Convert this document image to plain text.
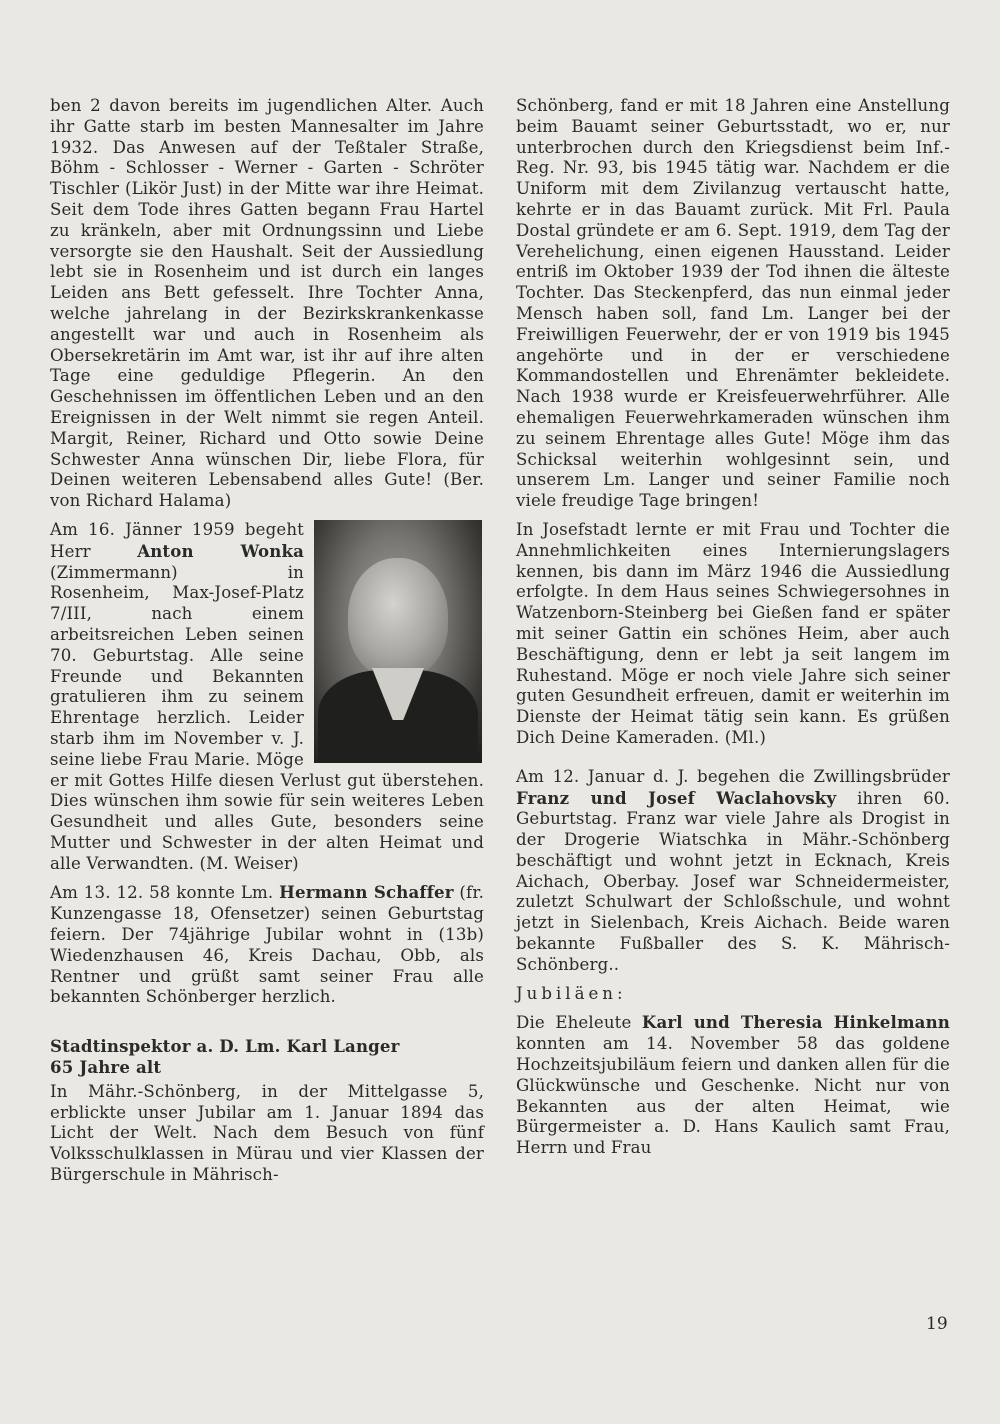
ben 2 davon bereits im jugendlichen Alter. Auch ihr Gatte starb im besten Mannesalter im Jahre 1932. Das Anwesen auf der Teßtaler Straße, Böhm - Schlosser - Werner - Garten - Schröter Tischler (Likör Just) in der Mitte war ihre Heimat. Seit dem Tode ihres Gatten begann Frau Hartel zu kränkeln, aber mit Ordnungssinn und Liebe versorgte sie den Haushalt. Seit der Aussiedlung lebt sie in Rosenheim und ist durch ein langes Leiden ans Bett gefesselt. Ihre Tochter Anna, welche jahrelang in der Bezirkskrankenkasse angestellt war und auch in Rosenheim als Obersekretärin im Amt war, ist ihr auf ihre alten Tage eine geduldige Pflegerin. An den Geschehnissen im öffentlichen Leben und an den Ereignissen in der Welt nimmt sie regen Anteil. Margit, Reiner, Richard und Otto sowie Deine Schwester Anna wünschen Dir, liebe Flora, für Deinen weiteren Lebensabend alles Gute! (Ber. von Richard Halama)

Am 16. Jänner 1959 begeht Herr Anton Wonka (Zimmermann) in Rosenheim, Max-Josef-Platz 7/III, nach einem arbeitsreichen Leben seinen 70. Geburtstag. Alle seine Freunde und Bekannten gratulieren ihm zu seinem Ehrentage herzlich. Leider starb ihm im November v. J. seine liebe Frau Marie. Möge er mit Gottes Hilfe diesen Verlust gut überstehen. Dies wünschen ihm sowie für sein weiteres Leben Gesundheit und alles Gute, besonders seine Mutter und Schwester in der alten Heimat und alle Verwandten. (M. Weiser)

Am 13. 12. 58 konnte Lm. Hermann Schaffer (fr. Kunzengasse 18, Ofensetzer) seinen Geburtstag feiern. Der 74jährige Jubilar wohnt in (13b) Wiedenzhausen 46, Kreis Dachau, Obb, als Rentner und grüßt samt seiner Frau alle bekannten Schönberger herzlich.

Stadtinspektor a. D. Lm. Karl Langer
65 Jahre alt

In Mähr.-Schönberg, in der Mittelgasse 5, erblickte unser Jubilar am 1. Januar 1894 das Licht der Welt. Nach dem Besuch von fünf Volksschulklassen in Mürau und vier Klassen der Bürgerschule in Mährisch-

Schönberg, fand er mit 18 Jahren eine Anstellung beim Bauamt seiner Geburtsstadt, wo er, nur unterbrochen durch den Kriegsdienst beim Inf.-Reg. Nr. 93, bis 1945 tätig war. Nachdem er die Uniform mit dem Zivilanzug vertauscht hatte, kehrte er in das Bauamt zurück. Mit Frl. Paula Dostal gründete er am 6. Sept. 1919, dem Tag der Verehelichung, einen eigenen Hausstand. Leider entriß im Oktober 1939 der Tod ihnen die älteste Tochter. Das Steckenpferd, das nun einmal jeder Mensch haben soll, fand Lm. Langer bei der Freiwilligen Feuerwehr, der er von 1919 bis 1945 angehörte und in der er verschiedene Kommandostellen und Ehrenämter bekleidete. Nach 1938 wurde er Kreisfeuerwehrführer. Alle ehemaligen Feuerwehrkameraden wünschen ihm zu seinem Ehrentage alles Gute! Möge ihm das Schicksal weiterhin wohlgesinnt sein, und unserem Lm. Langer und seiner Familie noch viele freudige Tage bringen!

In Josefstadt lernte er mit Frau und Tochter die Annehmlichkeiten eines Internierungslagers kennen, bis dann im März 1946 die Aussiedlung erfolgte. In dem Haus seines Schwiegersohnes in Watzenborn-Steinberg bei Gießen fand er später mit seiner Gattin ein schönes Heim, aber auch Beschäftigung, denn er lebt ja seit langem im Ruhestand. Möge er noch viele Jahre sich seiner guten Gesundheit erfreuen, damit er weiterhin im Dienste der Heimat tätig sein kann. Es grüßen Dich Deine Kameraden. (Ml.)

Am 12. Januar d. J. begehen die Zwillingsbrüder Franz und Josef Waclahovsky ihren 60. Geburtstag. Franz war viele Jahre als Drogist in der Drogerie Wiatschka in Mähr.-Schönberg beschäftigt und wohnt jetzt in Ecknach, Kreis Aichach, Oberbay. Josef war Schneidermeister, zuletzt Schulwart der Schloßschule, und wohnt jetzt in Sielenbach, Kreis Aichach. Beide waren bekannte Fußballer des S. K. Mährisch-Schönberg..

Jubiläen:

Die Eheleute Karl und Theresia Hinkelmann konnten am 14. November 58 das goldene Hochzeitsjubiläum feiern und danken allen für die Glückwünsche und Geschenke. Nicht nur von Bekannten aus der alten Heimat, wie Bürgermeister a. D. Hans Kaulich samt Frau, Herrn und Frau

19
